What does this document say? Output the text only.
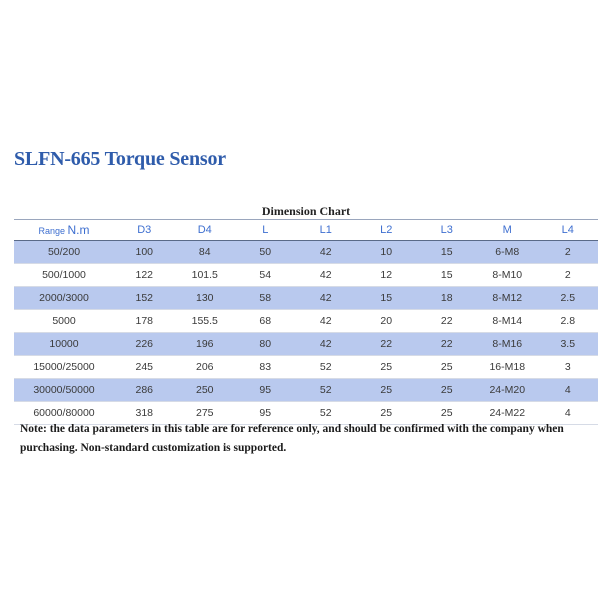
SLFN-665 Torque Sensor
Dimension Chart
Range N.m	D3	D4	L	L1	L2	L3	M	L4
50/200	100	84	50	42	10	15	6-M8	2
500/1000	122	101.5	54	42	12	15	8-M10	2
2000/3000	152	130	58	42	15	18	8-M12	2.5
5000	178	155.5	68	42	20	22	8-M14	2.8
10000	226	196	80	42	22	22	8-M16	3.5
15000/25000	245	206	83	52	25	25	16-M18	3
30000/50000	286	250	95	52	25	25	24-M20	4
60000/80000	318	275	95	52	25	25	24-M22	4
Note: the data parameters in this table are for reference only, and should be confirmed with the company when purchasing. Non-standard customization is supported.
